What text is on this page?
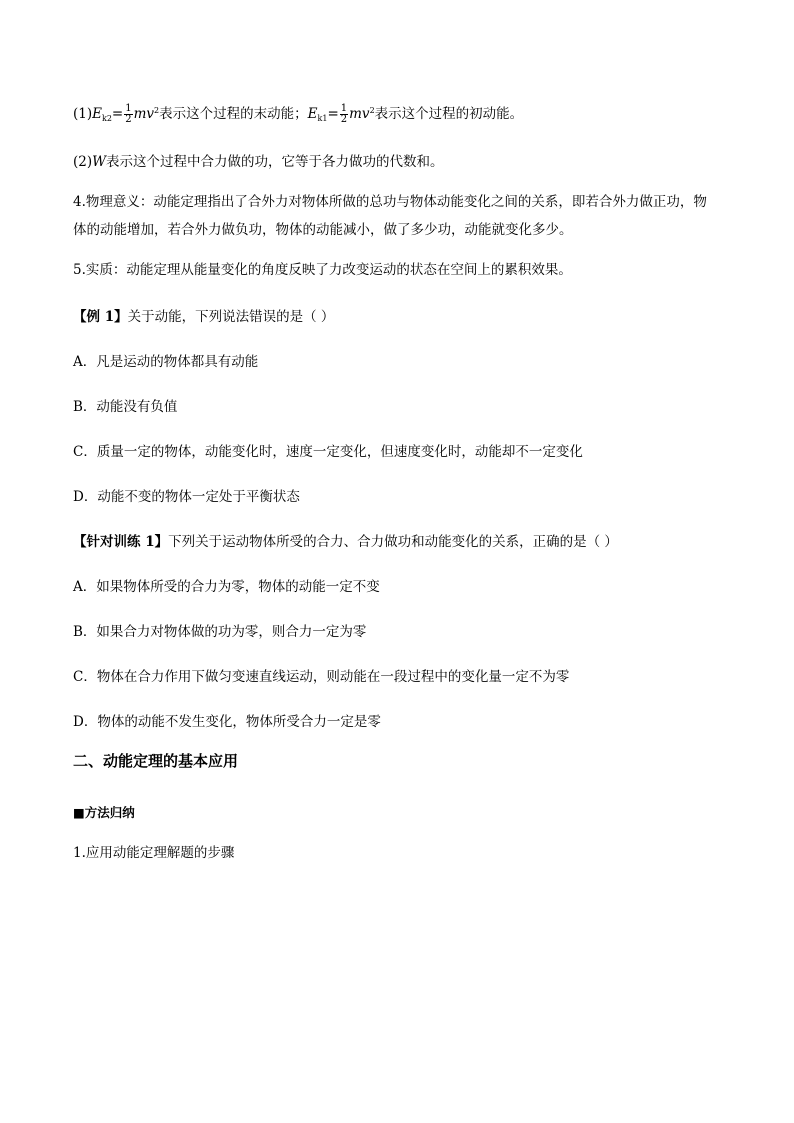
$(1)E_{k2}= \frac{1}{2} mv^2$表示这个过程的末动能；$E_{k1}= \frac{1}{2} mv^2$表示这个过程的初动能。
(2)W表示这个过程中合力做的功，它等于各力做功的代数和。
4.物理意义：动能定理指出了合外力对物体所做的总功与物体动能变化之间的关系，即若合外力做正功，物
体的动能增加，若合外力做负功，物体的动能减小，做了多少功，动能就变化多少。
5.实质：动能定理从能量变化的角度反映了力改变运动的状态在空间上的累积效果。
【例 1】关于动能，下列说法错误的是（ ）
A．凡是运动的物体都具有动能
B．动能没有负值
C．质量一定的物体，动能变化时，速度一定变化，但速度变化时，动能却不一定变化
D．动能不变的物体一定处于平衡状态
【针对训练 1】下列关于运动物体所受的合力、合力做功和动能变化的关系，正确的是（ ）
A．如果物体所受的合力为零，物体的动能一定不变
B．如果合力对物体做的功为零，则合力一定为零
C．物体在合力作用下做匀变速直线运动，则动能在一段过程中的变化量一定不为零
D．物体的动能不发生变化，物体所受合力一定是零
二、动能定理的基本应用
■方法归纳
1.应用动能定理解题的步骤
